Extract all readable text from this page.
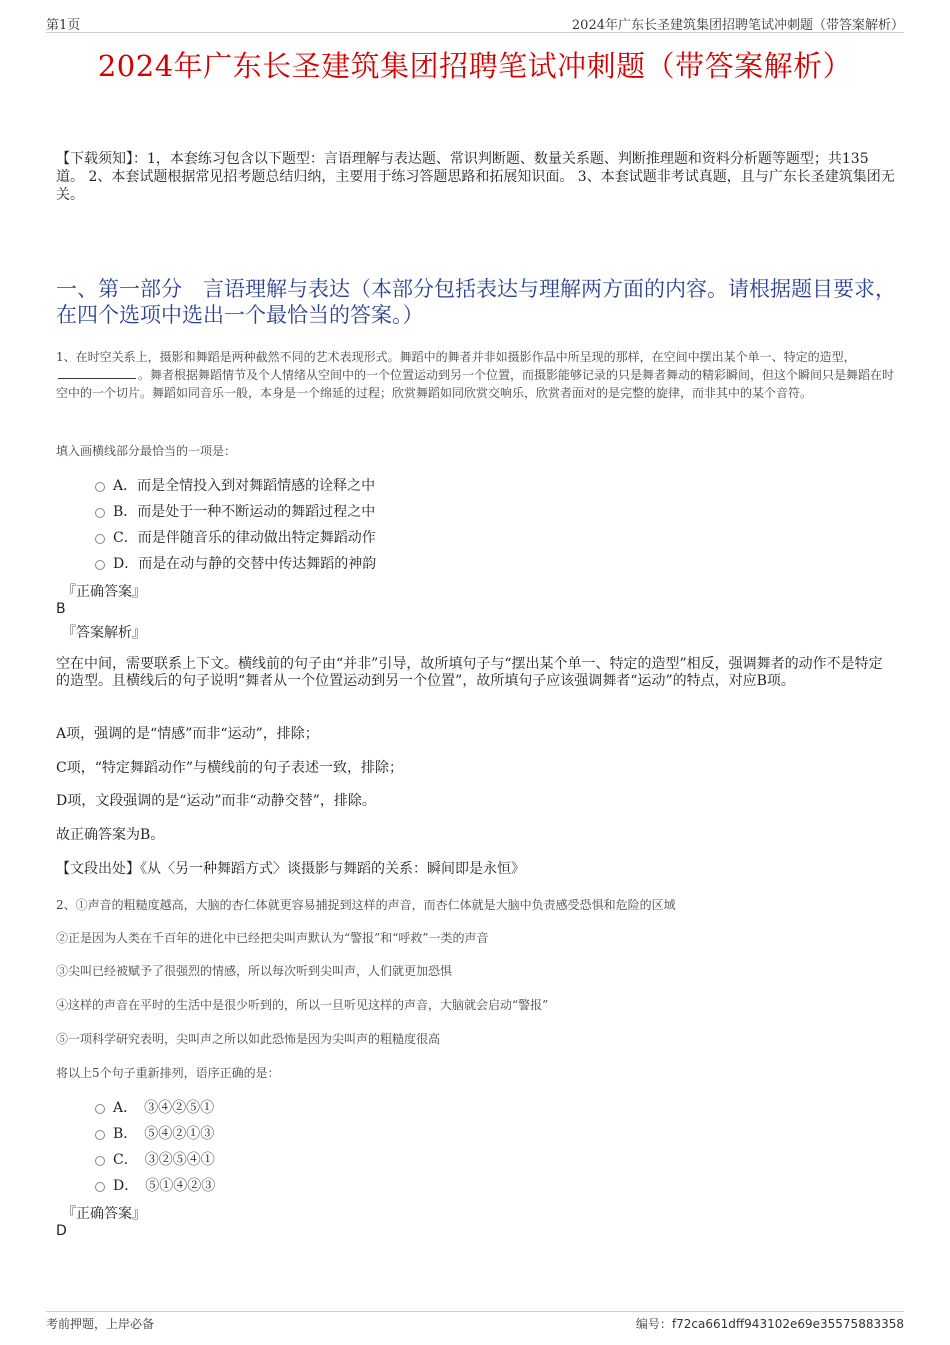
第1页	2024年广东长圣建筑集团招聘笔试冲刺题（带答案解析）
2024年广东长圣建筑集团招聘笔试冲刺题（带答案解析）
【下载须知】：1，本套练习包含以下题型：言语理解与表达题、常识判断题、数量关系题、判断推理题和资料分析题等题型；共135道。 2、本套试题根据常见招考题总结归纳，主要用于练习答题思路和拓展知识面。 3、本套试题非考试真题，且与广东长圣建筑集团无关。
一、第一部分　言语理解与表达（本部分包括表达与理解两方面的内容。请根据题目要求，在四个选项中选出一个最恰当的答案。）
1、在时空关系上，摄影和舞蹈是两种截然不同的艺术表现形式。舞蹈中的舞者并非如摄影作品中所呈现的那样，在空间中摆出某个单一、特定的造型，。舞者根据舞蹈情节及个人情绪从空间中的一个位置运动到另一个位置，而摄影能够记录的只是舞者舞动的精彩瞬间，但这个瞬间只是舞蹈在时空中的一个切片。舞蹈如同音乐一般，本身是一个绵延的过程；欣赏舞蹈如同欣赏交响乐，欣赏者面对的是完整的旋律，而非其中的某个音符。
填入画横线部分最恰当的一项是：
A．而是全情投入到对舞蹈情感的诠释之中
B．而是处于一种不断运动的舞蹈过程之中
C．而是伴随音乐的律动做出特定舞蹈动作
D．而是在动与静的交替中传达舞蹈的神韵
『正确答案』
B
『答案解析』
空在中间，需要联系上下文。横线前的句子由“并非”引导，故所填句子与“摆出某个单一、特定的造型”相反，强调舞者的动作不是特定的造型。且横线后的句子说明“舞者从一个位置运动到另一个位置”，故所填句子应该强调舞者“运动”的特点，对应B项。
A项，强调的是“情感”而非“运动”，排除；
C项，“特定舞蹈动作”与横线前的句子表述一致，排除；
D项，文段强调的是“运动”而非“动静交替”，排除。
故正确答案为B。
【文段出处】《从〈另一种舞蹈方式〉谈摄影与舞蹈的关系：瞬间即是永恒》
2、①声音的粗糙度越高，大脑的杏仁体就更容易捕捉到这样的声音，而杏仁体就是大脑中负责感受恐惧和危险的区域
②正是因为人类在千百年的进化中已经把尖叫声默认为“警报”和“呼救”一类的声音
③尖叫已经被赋予了很强烈的情感，所以每次听到尖叫声，人们就更加恐惧
④这样的声音在平时的生活中是很少听到的，所以一旦听见这样的声音，大脑就会启动“警报”
⑤一项科学研究表明，尖叫声之所以如此恐怖是因为尖叫声的粗糙度很高
将以上5个句子重新排列，语序正确的是：
A．　③④②⑤①
B．　⑤④②①③
C．　③②⑤④①
D．　⑤①④②③
『正确答案』
D
考前押题，上岸必备	编号：f72ca661dff943102e69e35575883358
